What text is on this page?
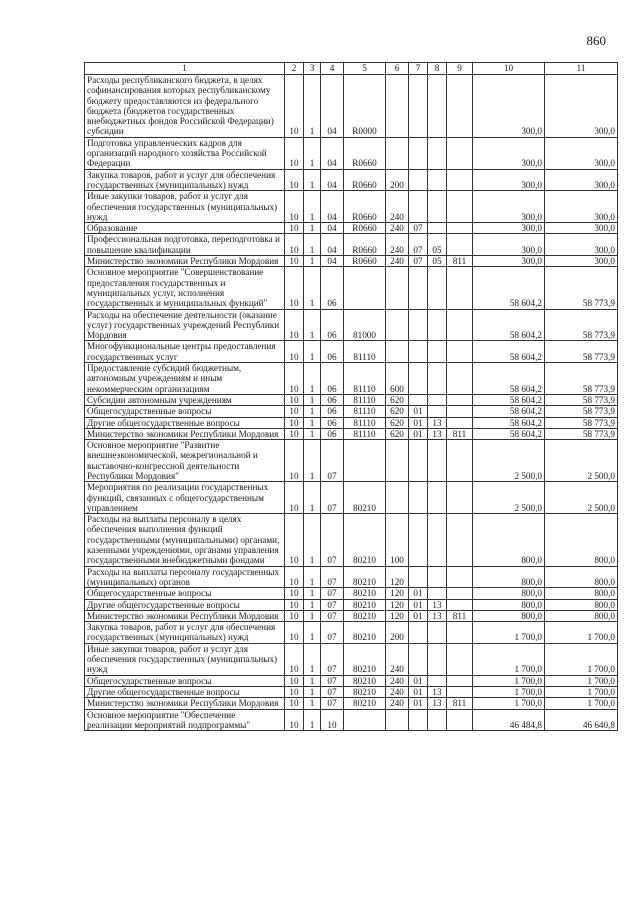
860
1	2	3	4	5	6	7	8	9	10	11
Расходы республиканского бюджета, в целях софинансирования которых республиканскому бюджету предоставляются из федерального бюджета (бюджетов государственных внебюджетных фондов Российской Федерации) субсидии	10	1	04	R0000					300,0	300,0
Подготовка управленческих кадров для организаций народного хозяйства Российской Федерации	10	1	04	R0660					300,0	300,0
Закупка товаров, работ и услуг для обеспечения государственных (муниципальных) нужд	10	1	04	R0660	200				300,0	300,0
Иные закупки товаров, работ и услуг для обеспечения государственных (муниципальных) нужд	10	1	04	R0660	240				300,0	300,0
Образование	10	1	04	R0660	240	07			300,0	300,0
Профессиональная подготовка, переподготовка и повышение квалификации	10	1	04	R0660	240	07	05		300,0	300,0
Министерство экономики Республики Мордовия	10	1	04	R0660	240	07	05	811	300,0	300,0
Основное мероприятие "Совершенствование предоставления государственных и муниципальных услуг, исполнения государственных и муниципальных функций"	10	1	06						58 604,2	58 773,9
Расходы на обеспечение деятельности (оказание услуг) государственных учреждений Республики Мордовия	10	1	06	81000					58 604,2	58 773,9
Многофункциональные центры предоставления государственных услуг	10	1	06	81110					58 604,2	58 773,9
Предоставление субсидий бюджетным, автономным учреждениям и иным некоммерческим организациям	10	1	06	81110	600				58 604,2	58 773,9
Субсидии автономным учреждениям	10	1	06	81110	620				58 604,2	58 773,9
Общегосударственные вопросы	10	1	06	81110	620	01			58 604,2	58 773,9
Другие общегосударственные вопросы	10	1	06	81110	620	01	13		58 604,2	58 773,9
Министерство экономики Республики Мордовия	10	1	06	81110	620	01	13	811	58 604,2	58 773,9
Основное мероприятие "Развитие внешнеэкономической, межрегиональной и выставочно-конгрессной деятельности Республики Мордовия"	10	1	07						2 500,0	2 500,0
Мероприятия по реализации государственных функций, связанных с общегосударственным управлением	10	1	07	80210					2 500,0	2 500,0
Расходы на выплаты персоналу в целях обеспечения выполнения функций государственными (муниципальными) органами, казенными учреждениями, органами управления государственными внебюджетными фондами	10	1	07	80210	100				800,0	800,0
Расходы на выплаты персоналу государственных (муниципальных) органов	10	1	07	80210	120				800,0	800,0
Общегосударственные вопросы	10	1	07	80210	120	01			800,0	800,0
Другие общегосударственные вопросы	10	1	07	80210	120	01	13		800,0	800,0
Министерство экономики Республики Мордовия	10	1	07	80210	120	01	13	811	800,0	800,0
Закупка товаров, работ и услуг для обеспечения государственных (муниципальных) нужд	10	1	07	80210	200				1 700,0	1 700,0
Иные закупки товаров, работ и услуг для обеспечения государственных (муниципальных) нужд	10	1	07	80210	240				1 700,0	1 700,0
Общегосударственные вопросы	10	1	07	80210	240	01			1 700,0	1 700,0
Другие общегосударственные вопросы	10	1	07	80210	240	01	13		1 700,0	1 700,0
Министерство экономики Республики Мордовия	10	1	07	80210	240	01	13	811	1 700,0	1 700,0
Основное мероприятие "Обеспечение реализации мероприятий подпрограммы"	10	1	10						46 484,8	46 640,8
